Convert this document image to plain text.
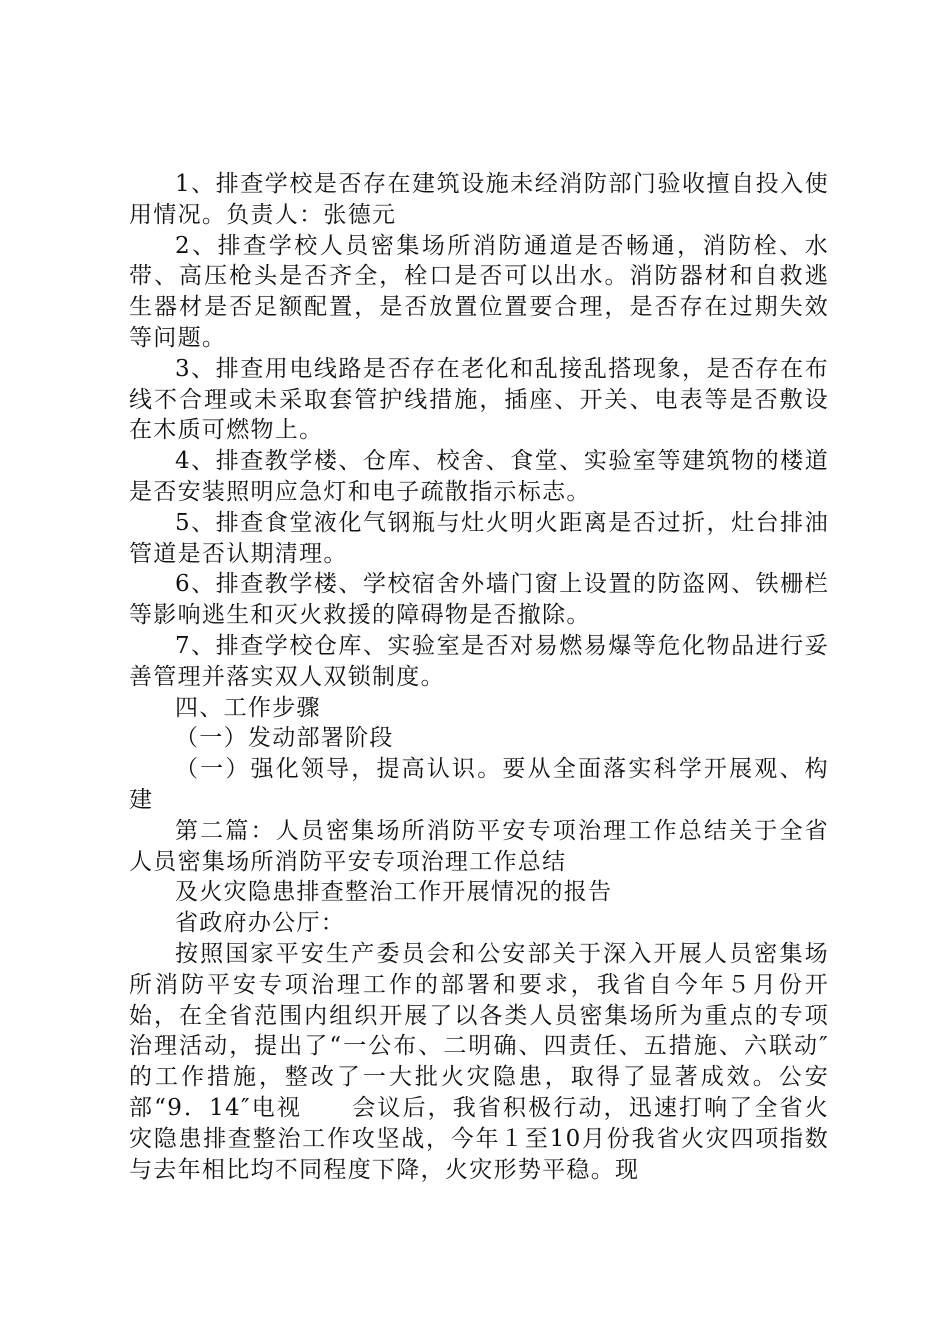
1、排查学校是否存在建筑设施未经消防部门验收擅自投入使用情况。负责人：张德元

2、排查学校人员密集场所消防通道是否畅通，消防栓、水带、高压枪头是否齐全，栓口是否可以出水。消防器材和自救逃生器材是否足额配置，是否放置位置要合理，是否存在过期失效等问题。

3、排查用电线路是否存在老化和乱接乱搭现象，是否存在布线不合理或未采取套管护线措施，插座、开关、电表等是否敷设在木质可燃物上。

4、排查教学楼、仓库、校舍、食堂、实验室等建筑物的楼道是否安装照明应急灯和电子疏散指示标志。

5、排查食堂液化气钢瓶与灶火明火距离是否过折，灶台排油管道是否认期清理。

6、排查教学楼、学校宿舍外墙门窗上设置的防盗网、铁栅栏等影响逃生和灭火救援的障碍物是否撤除。

7、排查学校仓库、实验室是否对易燃易爆等危化物品进行妥善管理并落实双人双锁制度。

四、工作步骤

（一）发动部署阶段

（一）强化领导，提高认识。要从全面落实科学开展观、构建

第二篇：人员密集场所消防平安专项治理工作总结关于全省人员密集场所消防平安专项治理工作总结

及火灾隐患排查整治工作开展情况的报告

省政府办公厅：

按照国家平安生产委员会和公安部关于深入开展人员密集场所消防平安专项治理工作的部署和要求，我省自今年５月份开始，在全省范围内组织开展了以各类人员密集场所为重点的专项治理活动，提出了“一公布、二明确、四责任、五措施、六联动″的工作措施，整改了一大批火灾隐患，取得了显著成效。公安部“9．14″电视　　会议后，我省积极行动，迅速打响了全省火灾隐患排查整治工作攻坚战，今年１至10月份我省火灾四项指数与去年相比均不同程度下降，火灾形势平稳。现
